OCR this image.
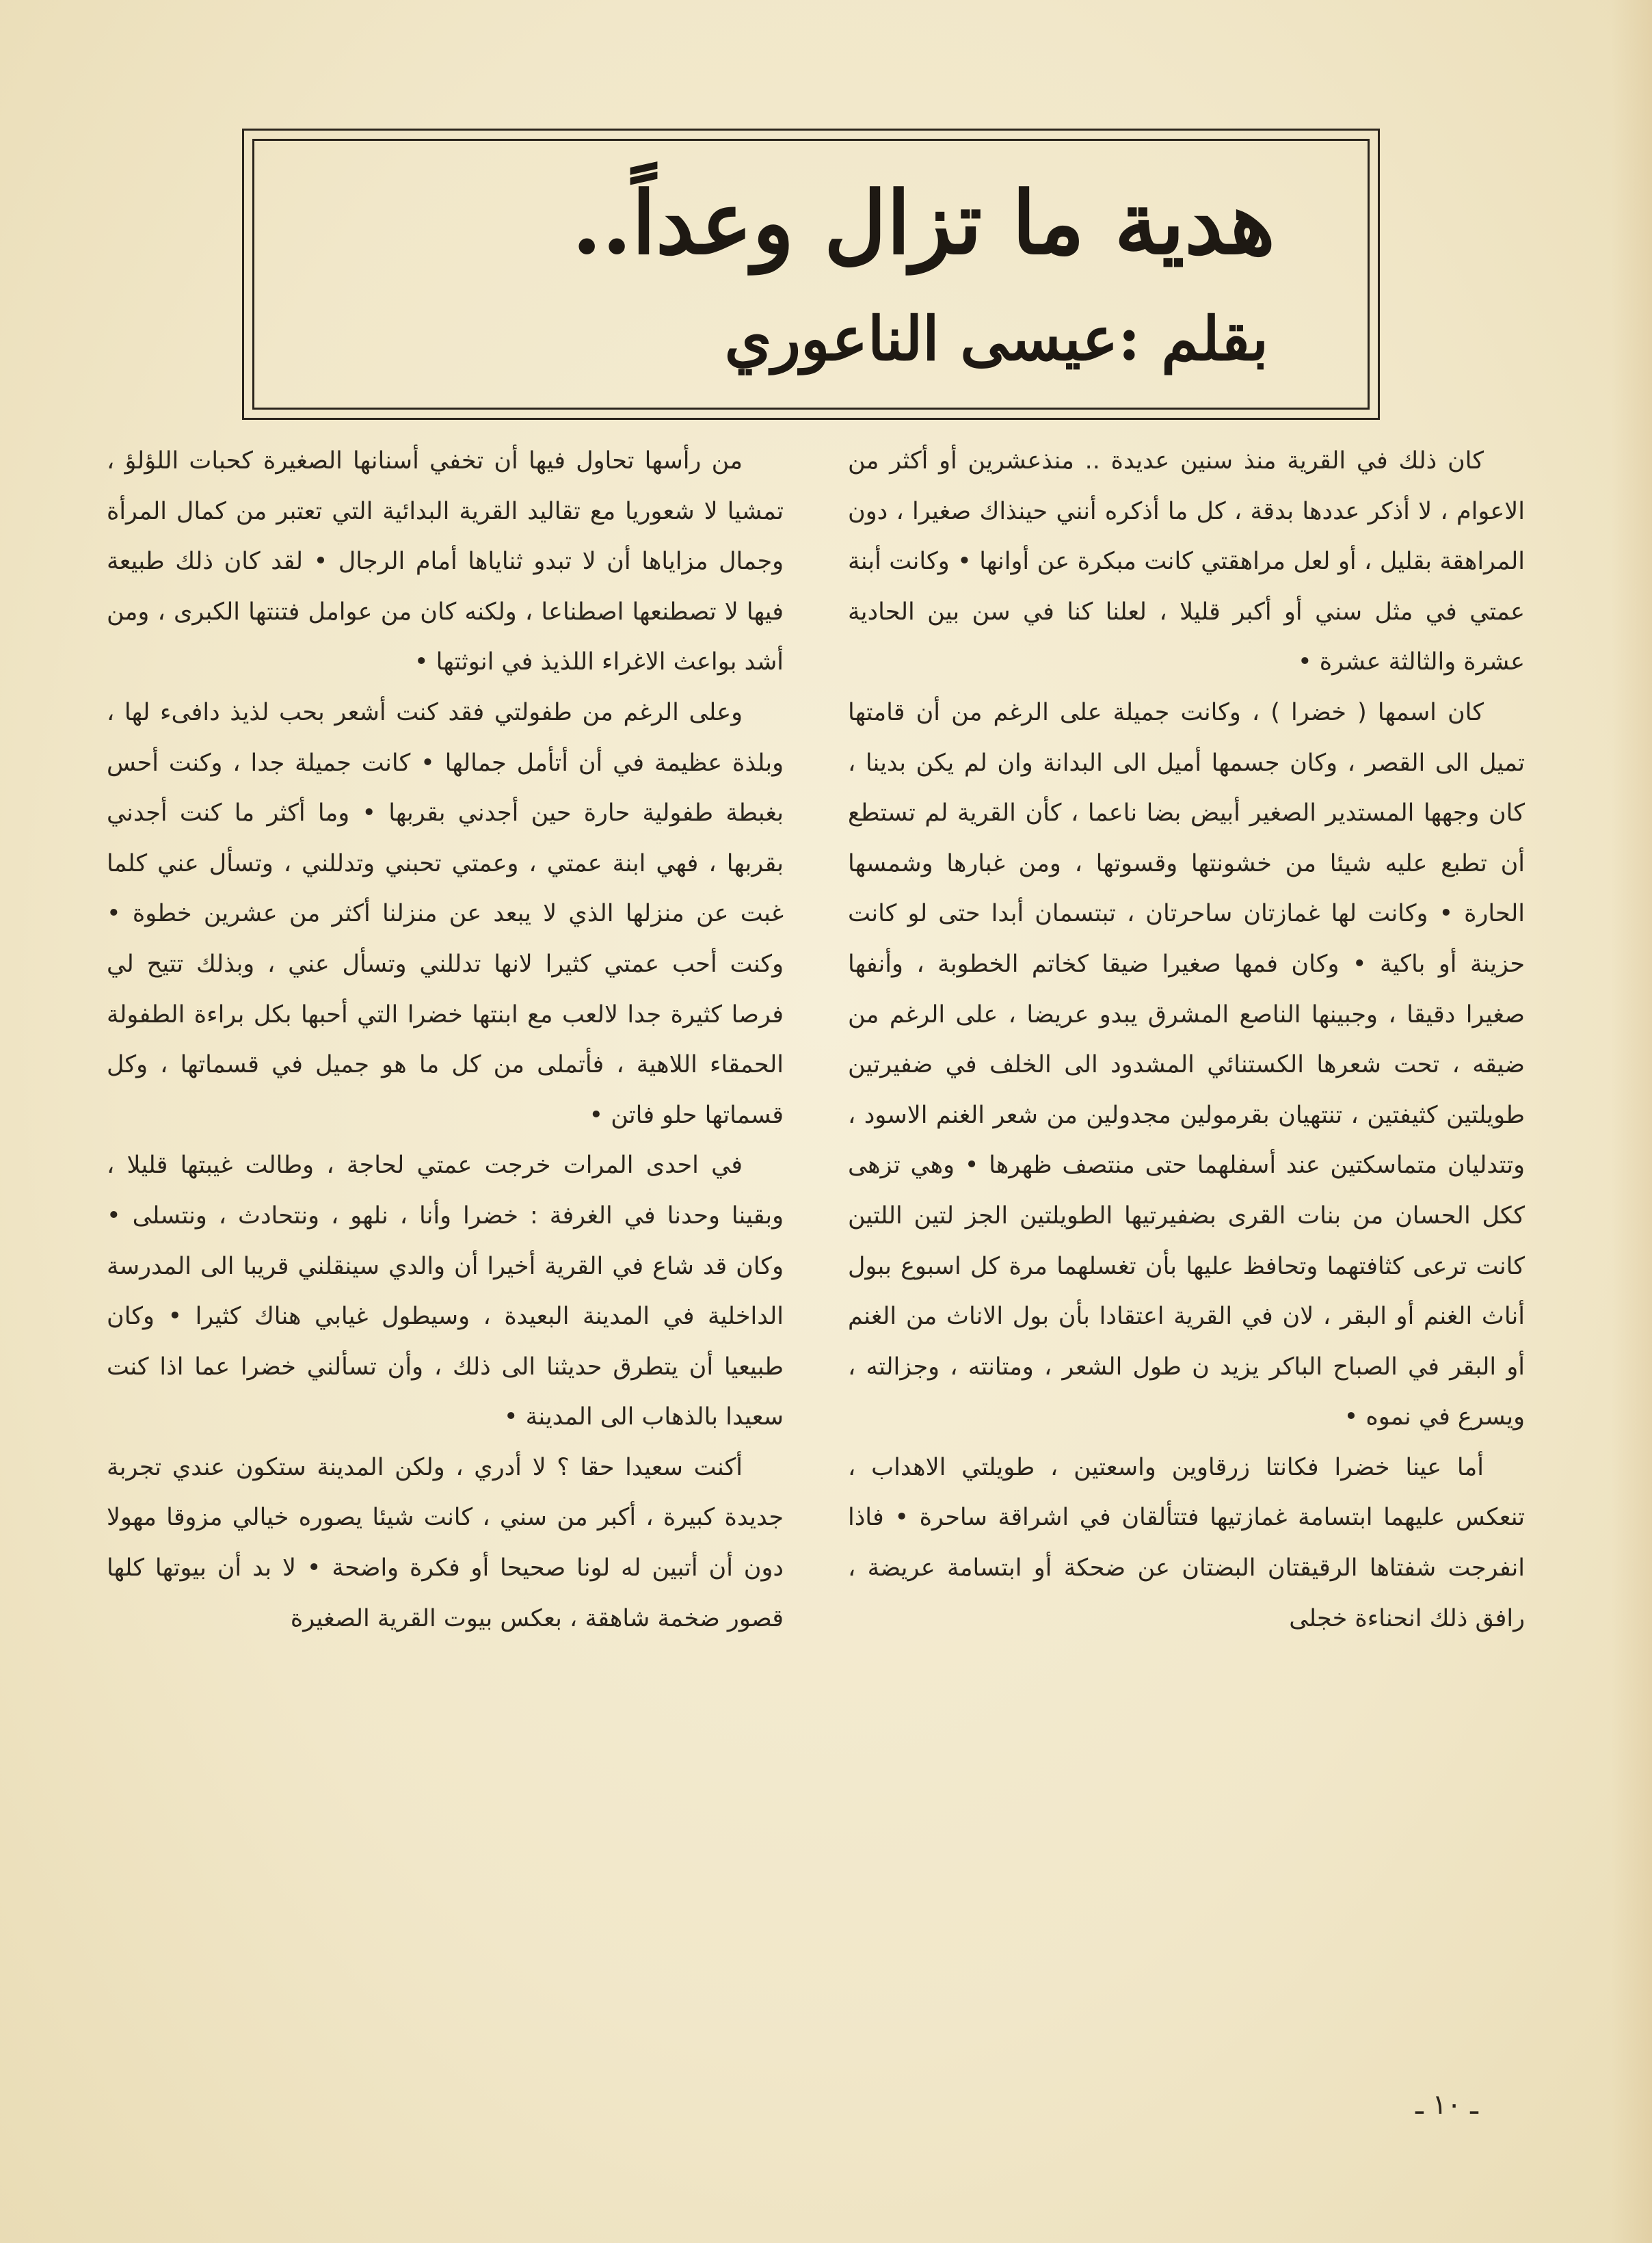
هدية ما تزال وعداً..
بقلم :عيسى الناعوري

كان ذلك في القرية منذ سنين عديدة .. منذعشرين أو أكثر من الاعوام ، لا أذكر عددها بدقة ، كل ما أذكره أنني حينذاك صغيرا ، دون المراهقة بقليل ، أو لعل مراهقتي كانت مبكرة عن أوانها • وكانت أبنة عمتي في مثل سني أو أكبر قليلا ، لعلنا كنا في سن بين الحادية عشرة والثالثة عشرة •

كان اسمها ( خضرا ) ، وكانت جميلة على الرغم من أن قامتها تميل الى القصر ، وكان جسمها أميل الى البدانة وان لم يكن بدينا ، كان وجهها المستدير الصغير أبيض بضا ناعما ، كأن القرية لم تستطع أن تطبع عليه شيئا من خشونتها وقسوتها ، ومن غبارها وشمسها الحارة • وكانت لها غمازتان ساحرتان ، تبتسمان أبدا حتى لو كانت حزينة أو باكية • وكان فمها صغيرا ضيقا كخاتم الخطوبة ، وأنفها صغيرا دقيقا ، وجبينها الناصع المشرق يبدو عريضا ، على الرغم من ضيقه ، تحت شعرها الكستنائي المشدود الى الخلف في ضفيرتين طويلتين كثيفتين ، تنتهيان بقرمولين مجدولين من شعر الغنم الاسود ، وتتدليان متماسكتين عند أسفلهما حتى منتصف ظهرها • وهي تزهى ككل الحسان من بنات القرى بضفيرتيها الطويلتين الجز لتين اللتين كانت ترعى كثافتهما وتحافظ عليها بأن تغسلهما مرة كل اسبوع ببول أناث الغنم أو البقر ، لان في القرية اعتقادا بأن بول الاناث من الغنم أو البقر في الصباح الباكر يزيد ن طول الشعر ، ومتانته ، وجزالته ، ويسرع في نموه •

أما عينا خضرا فكانتا زرقاوين واسعتين ، طويلتي الاهداب ، تنعكس عليهما ابتسامة غمازتيها فتتألقان في اشراقة ساحرة • فاذا انفرجت شفتاها الرقيقتان البضتان عن ضحكة أو ابتسامة عريضة ، رافق ذلك انحناءة خجلى

من رأسها تحاول فيها أن تخفي أسنانها الصغيرة كحبات اللؤلؤ ، تمشيا لا شعوريا مع تقاليد القرية البدائية التي تعتبر من كمال المرأة وجمال مزاياها أن لا تبدو ثناياها أمام الرجال • لقد كان ذلك طبيعة فيها لا تصطنعها اصطناعا ، ولكنه كان من عوامل فتنتها الكبرى ، ومن أشد بواعث الاغراء اللذيذ في انوثتها •

وعلى الرغم من طفولتي فقد كنت أشعر بحب لذيذ دافىء لها ، وبلذة عظيمة في أن أتأمل جمالها • كانت جميلة جدا ، وكنت أحس بغبطة طفولية حارة حين أجدني بقربها • وما أكثر ما كنت أجدني بقربها ، فهي ابنة عمتي ، وعمتي تحبني وتدللني ، وتسأل عني كلما غبت عن منزلها الذي لا يبعد عن منزلنا أكثر من عشرين خطوة • وكنت أحب عمتي كثيرا لانها تدللني وتسأل عني ، وبذلك تتيح لي فرصا كثيرة جدا لالعب مع ابنتها خضرا التي أحبها بكل براءة الطفولة الحمقاء اللاهية ، فأتملى من كل ما هو جميل في قسماتها ، وكل قسماتها حلو فاتن •

في احدى المرات خرجت عمتي لحاجة ، وطالت غيبتها قليلا ، وبقينا وحدنا في الغرفة : خضرا وأنا ، نلهو ، ونتحادث ، ونتسلى • وكان قد شاع في القرية أخيرا أن والدي سينقلني قريبا الى المدرسة الداخلية في المدينة البعيدة ، وسيطول غيابي هناك كثيرا • وكان طبيعيا أن يتطرق حديثنا الى ذلك ، وأن تسألني خضرا عما اذا كنت سعيدا بالذهاب الى المدينة •

أكنت سعيدا حقا ؟ لا أدري ، ولكن المدينة ستكون عندي تجربة جديدة كبيرة ، أكبر من سني ، كانت شيئا يصوره خيالي مزوقا مهولا دون أن أتبين له لونا صحيحا أو فكرة واضحة • لا بد أن بيوتها كلها قصور ضخمة شاهقة ، بعكس بيوت القرية الصغيرة

ـ ١٠ ـ
